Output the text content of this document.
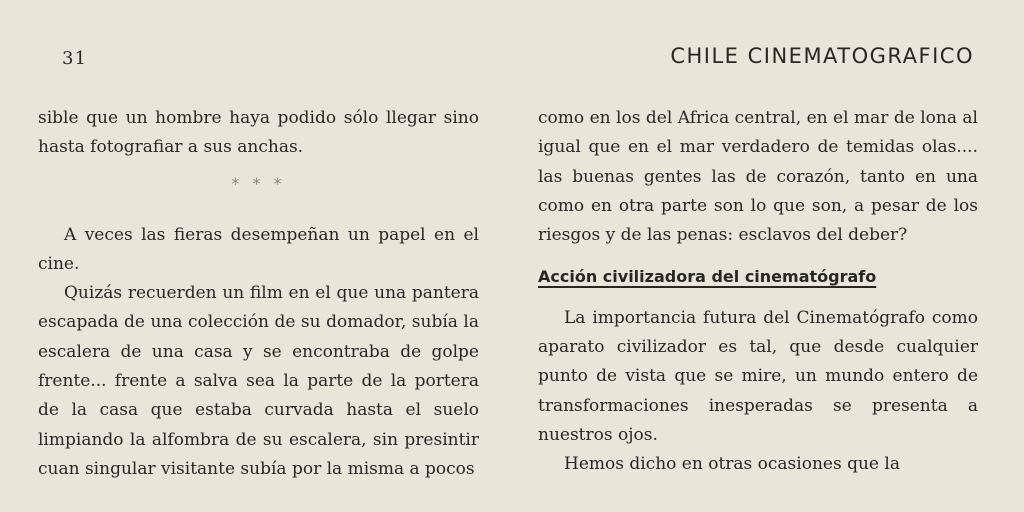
31	CHILE CINEMATOGRAFICO

sible que un hombre haya podido sólo llegar sino hasta fotografiar a sus anchas.

* * *

A veces las fieras desempeñan un papel en el cine.

Quizás recuerden un film en el que una pantera escapada de una colección de su domador, subía la escalera de una casa y se encontraba de golpe frente... frente a salva sea la parte de la portera de la casa que estaba curvada hasta el suelo limpiando la alfombra de su escalera, sin presintir cuan singular visitante subía por la misma a pocos

como en los del Africa central, en el mar de lona al igual que en el mar verdadero de temidas olas.... las buenas gentes las de corazón, tanto en una como en otra parte son lo que son, a pesar de los riesgos y de las penas: esclavos del deber?

Acción civilizadora del cinematógrafo

La importancia futura del Cinematógrafo como aparato civilizador es tal, que desde cualquier punto de vista que se mire, un mundo entero de transformaciones inesperadas se presenta a nuestros ojos.

Hemos dicho en otras ocasiones que la
